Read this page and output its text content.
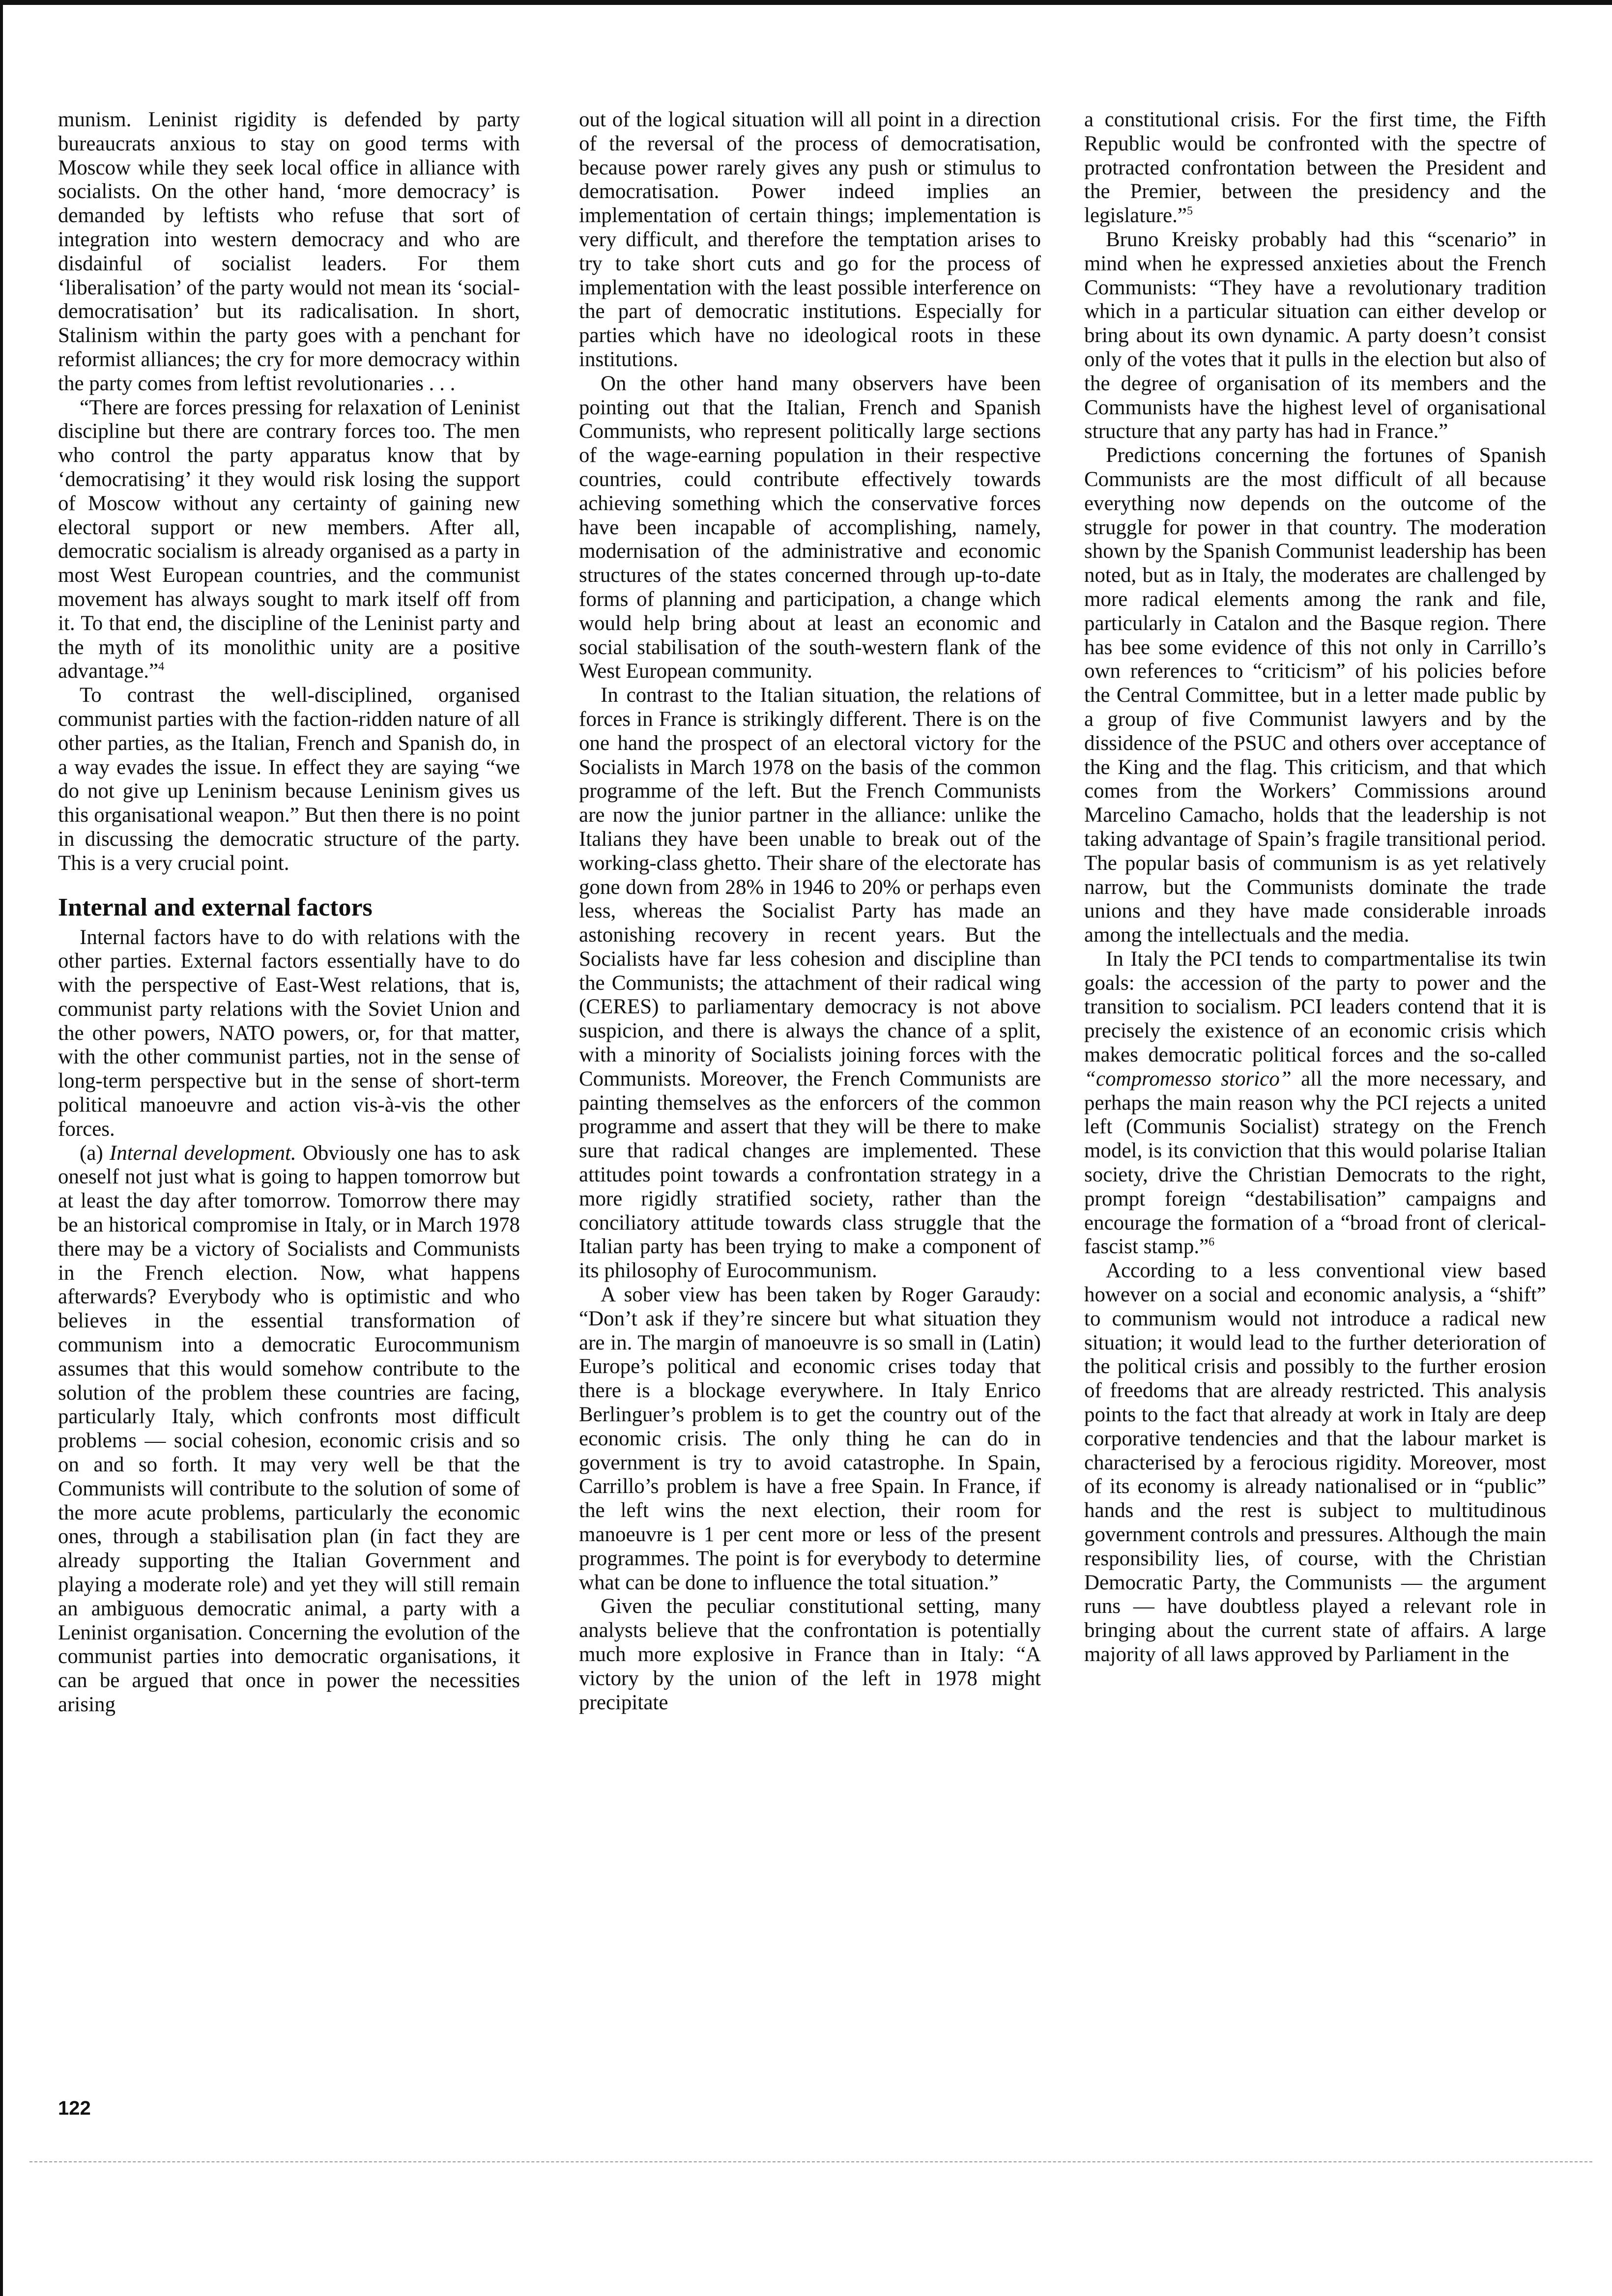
munism. Leninist rigidity is defended by party bureaucrats anxious to stay on good terms with Moscow while they seek local office in alliance with socialists. On the other hand, ‘more democracy’ is demanded by leftists who refuse that sort of integration into western democracy and who are disdainful of socialist leaders. For them ‘liberalisation’ of the party would not mean its ‘social-democratisation’ but its radicalisation. In short, Stalinism within the party goes with a penchant for reformist alliances; the cry for more democracy within the party comes from leftist revolutionaries . . .

“There are forces pressing for relaxation of Leninist discipline but there are contrary forces too. The men who control the party apparatus know that by ‘democratising’ it they would risk losing the support of Moscow without any certainty of gaining new electoral support or new members. After all, democratic socialism is already organised as a party in most West European countries, and the communist movement has always sought to mark itself off from it. To that end, the discipline of the Leninist party and the myth of its monolithic unity are a positive advantage.”$^4$

To contrast the well-disciplined, organised communist parties with the faction-ridden nature of all other parties, as the Italian, French and Spanish do, in a way evades the issue. In effect they are saying “we do not give up Leninism because Leninism gives us this organisational weapon.” But then there is no point in discussing the democratic structure of the party. This is a very crucial point.

Internal and external factors

Internal factors have to do with relations with the other parties. External factors essentially have to do with the perspective of East-West relations, that is, communist party relations with the Soviet Union and the other powers, NATO powers, or, for that matter, with the other communist parties, not in the sense of long-term perspective but in the sense of short-term political manoeuvre and action vis-à-vis the other forces.

(a) Internal development. Obviously one has to ask oneself not just what is going to happen tomorrow but at least the day after tomorrow. Tomorrow there may be an historical compromise in Italy, or in March 1978 there may be a victory of Socialists and Communists in the French election. Now, what happens afterwards? Everybody who is optimistic and who believes in the essential transformation of communism into a democratic Eurocommunism assumes that this would somehow contribute to the solution of the problem these countries are facing, particularly Italy, which confronts most difficult problems — social cohesion, economic crisis and so on and so forth. It may very well be that the Communists will contribute to the solution of some of the more acute problems, particularly the economic ones, through a stabilisation plan (in fact they are already supporting the Italian Government and playing a moderate role) and yet they will still remain an ambiguous democratic animal, a party with a Leninist organisation. Concerning the evolution of the communist parties into democratic organisations, it can be argued that once in power the necessities arising

out of the logical situation will all point in a direction of the reversal of the process of democratisation, because power rarely gives any push or stimulus to democratisation. Power indeed implies an implementation of certain things; implementation is very difficult, and therefore the temptation arises to try to take short cuts and go for the process of implementation with the least possible interference on the part of democratic institutions. Especially for parties which have no ideological roots in these institutions.

On the other hand many observers have been pointing out that the Italian, French and Spanish Communists, who represent politically large sections of the wage-earning population in their respective countries, could contribute effectively towards achieving something which the conservative forces have been incapable of accomplishing, namely, modernisation of the administrative and economic structures of the states concerned through up-to-date forms of planning and participation, a change which would help bring about at least an economic and social stabilisation of the south-western flank of the West European community.

In contrast to the Italian situation, the relations of forces in France is strikingly different. There is on the one hand the prospect of an electoral victory for the Socialists in March 1978 on the basis of the common programme of the left. But the French Communists are now the junior partner in the alliance: unlike the Italians they have been unable to break out of the working-class ghetto. Their share of the electorate has gone down from 28% in 1946 to 20% or perhaps even less, whereas the Socialist Party has made an astonishing recovery in recent years. But the Socialists have far less cohesion and discipline than the Communists; the attachment of their radical wing (CERES) to parliamentary democracy is not above suspicion, and there is always the chance of a split, with a minority of Socialists joining forces with the Communists. Moreover, the French Communists are painting themselves as the enforcers of the common programme and assert that they will be there to make sure that radical changes are implemented. These attitudes point towards a confrontation strategy in a more rigidly stratified society, rather than the conciliatory attitude towards class struggle that the Italian party has been trying to make a component of its philosophy of Eurocommunism.

A sober view has been taken by Roger Garaudy: “Don’t ask if they’re sincere but what situation they are in. The margin of manoeuvre is so small in (Latin) Europe’s political and economic crises today that there is a blockage everywhere. In Italy Enrico Berlinguer’s problem is to get the country out of the economic crisis. The only thing he can do in government is try to avoid catastrophe. In Spain, Carrillo’s problem is have a free Spain. In France, if the left wins the next election, their room for manoeuvre is 1 per cent more or less of the present programmes. The point is for everybody to determine what can be done to influence the total situation.”

Given the peculiar constitutional setting, many analysts believe that the confrontation is potentially much more explosive in France than in Italy: “A victory by the union of the left in 1978 might precipitate

a constitutional crisis. For the first time, the Fifth Republic would be confronted with the spectre of protracted confrontation between the President and the Premier, between the presidency and the legislature.”$^5$

Bruno Kreisky probably had this “scenario” in mind when he expressed anxieties about the French Communists: “They have a revolutionary tradition which in a particular situation can either develop or bring about its own dynamic. A party doesn’t consist only of the votes that it pulls in the election but also of the degree of organisation of its members and the Communists have the highest level of organisational structure that any party has had in France.”

Predictions concerning the fortunes of Spanish Communists are the most difficult of all because everything now depends on the outcome of the struggle for power in that country. The moderation shown by the Spanish Communist leadership has been noted, but as in Italy, the moderates are challenged by more radical elements among the rank and file, particularly in Catalon and the Basque region. There has bee some evidence of this not only in Carrillo’s own references to “criticism” of his policies before the Central Committee, but in a letter made public by a group of five Communist lawyers and by the dissidence of the PSUC and others over acceptance of the King and the flag. This criticism, and that which comes from the Workers’ Commissions around Marcelino Camacho, holds that the leadership is not taking advantage of Spain’s fragile transitional period. The popular basis of communism is as yet relatively narrow, but the Communists dominate the trade unions and they have made considerable inroads among the intellectuals and the media.

In Italy the PCI tends to compartmentalise its twin goals: the accession of the party to power and the transition to socialism. PCI leaders contend that it is precisely the existence of an economic crisis which makes democratic political forces and the so-called “compromesso storico” all the more necessary, and perhaps the main reason why the PCI rejects a united left (Communis Socialist) strategy on the French model, is its conviction that this would polarise Italian society, drive the Christian Democrats to the right, prompt foreign “destabilisation” campaigns and encourage the formation of a “broad front of clerical-fascist stamp.”$^6$

According to a less conventional view based however on a social and economic analysis, a “shift” to communism would not introduce a radical new situation; it would lead to the further deterioration of the political crisis and possibly to the further erosion of freedoms that are already restricted. This analysis points to the fact that already at work in Italy are deep corporative tendencies and that the labour market is characterised by a ferocious rigidity. Moreover, most of its economy is already nationalised or in “public” hands and the rest is subject to multitudinous government controls and pressures. Although the main responsibility lies, of course, with the Christian Democratic Party, the Communists — the argument runs — have doubtless played a relevant role in bringing about the current state of affairs. A large majority of all laws approved by Parliament in the

122
